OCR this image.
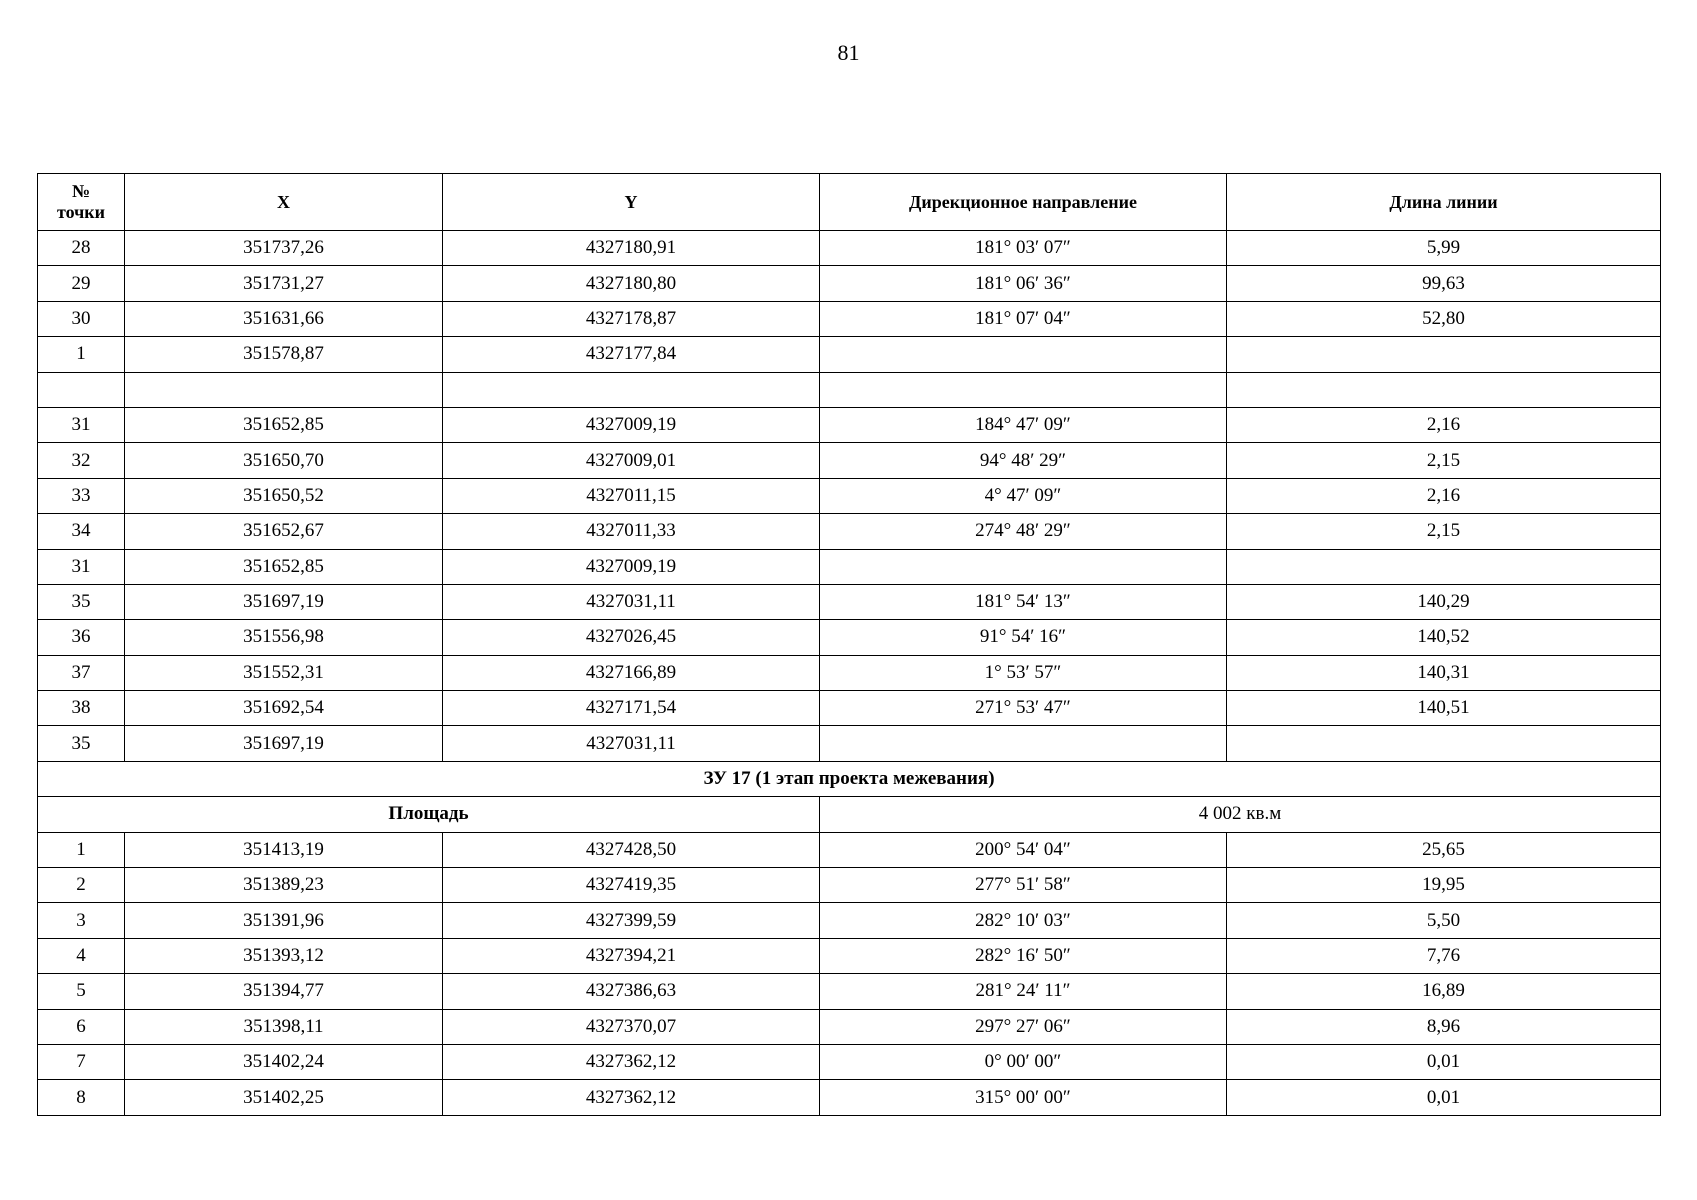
81
№
точки	X	Y	Дирекционное направление	Длина линии
28	351737,26	4327180,91	181° 03′ 07″	5,99
29	351731,27	4327180,80	181° 06′ 36″	99,63
30	351631,66	4327178,87	181° 07′ 04″	52,80
1	351578,87	4327177,84		

31	351652,85	4327009,19	184° 47′ 09″	2,16
32	351650,70	4327009,01	94° 48′ 29″	2,15
33	351650,52	4327011,15	4° 47′ 09″	2,16
34	351652,67	4327011,33	274° 48′ 29″	2,15
31	351652,85	4327009,19		
35	351697,19	4327031,11	181° 54′ 13″	140,29
36	351556,98	4327026,45	91° 54′ 16″	140,52
37	351552,31	4327166,89	1° 53′ 57″	140,31
38	351692,54	4327171,54	271° 53′ 47″	140,51
35	351697,19	4327031,11		
ЗУ 17 (1 этап проекта межевания)				
Площадь			4 002 кв.м	
1	351413,19	4327428,50	200° 54′ 04″	25,65
2	351389,23	4327419,35	277° 51′ 58″	19,95
3	351391,96	4327399,59	282° 10′ 03″	5,50
4	351393,12	4327394,21	282° 16′ 50″	7,76
5	351394,77	4327386,63	281° 24′ 11″	16,89
6	351398,11	4327370,07	297° 27′ 06″	8,96
7	351402,24	4327362,12	0° 00′ 00″	0,01
8	351402,25	4327362,12	315° 00′ 00″	0,01
